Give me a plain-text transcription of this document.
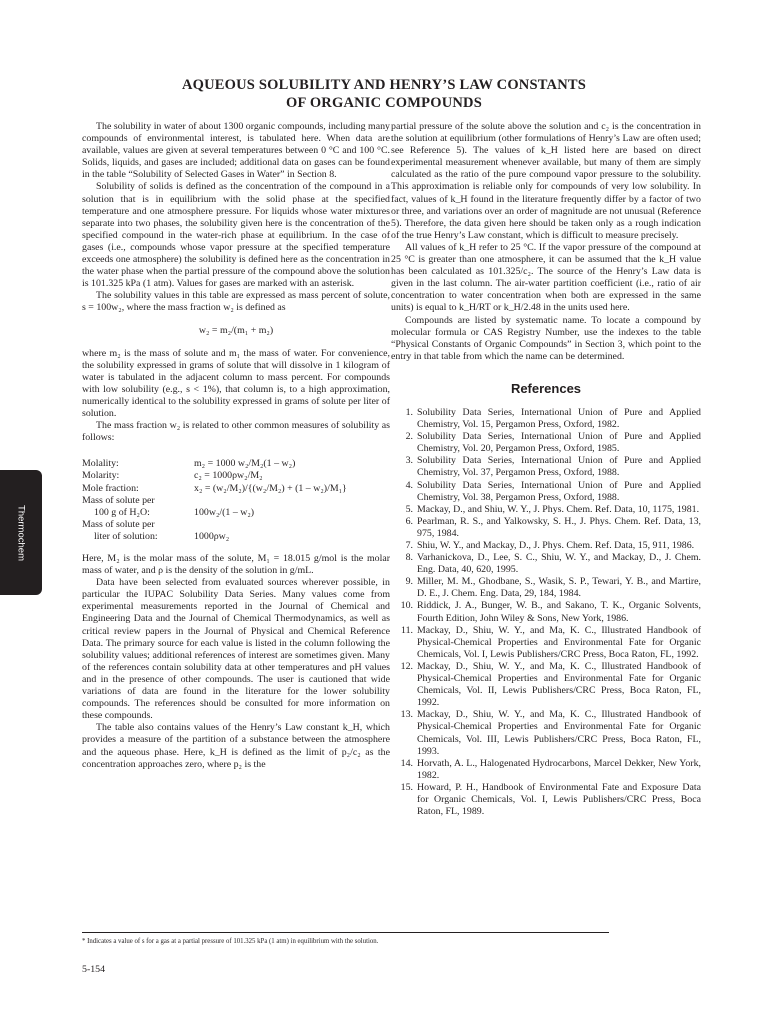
AQUEOUS SOLUBILITY AND HENRY’S LAW CONSTANTS
OF ORGANIC COMPOUNDS

The solubility in water of about 1300 organic compounds, including many compounds of environmental interest, is tabulated here. When data are available, values are given at several temperatures between 0 °C and 100 °C. Solids, liquids, and gases are included; additional data on gases can be found in the table “Solubility of Selected Gases in Water” in Section 8.

Solubility of solids is defined as the concentration of the compound in a solution that is in equilibrium with the solid phase at the specified temperature and one atmosphere pressure. For liquids whose water mixtures separate into two phases, the solubility given here is the concentration of the specified compound in the water-rich phase at equilibrium. In the case of gases (i.e., compounds whose vapor pressure at the specified temperature exceeds one atmosphere) the solubility is defined here as the concentration in the water phase when the partial pressure of the compound above the solution is 101.325 kPa (1 atm). Values for gases are marked with an asterisk.

The solubility values in this table are expressed as mass percent of solute, s = 100w₂, where the mass fraction w₂ is defined as

w₂ = m₂/(m₁ + m₂)

where m₂ is the mass of solute and m₁ the mass of water. For convenience, the solubility expressed in grams of solute that will dissolve in 1 kilogram of water is tabulated in the adjacent column to mass percent. For compounds with low solubility (e.g., s < 1%), that column is, to a high approximation, numerically identical to the solubility expressed in grams of solute per liter of solution.

The mass fraction w₂ is related to other common measures of solubility as follows:

Molality:	m₂ = 1000 w₂/M₂(1 – w₂)
Molarity:	c₂ = 1000ρw₂/M₂
Mole fraction:	x₂ = (w₂/M₂)/{(w₂/M₂) + (1 – w₂)/M₁}
Mass of solute per	
100 g of H₂O:	100w₂/(1 – w₂)
Mass of solute per	
liter of solution:	1000ρw₂

Here, M₂ is the molar mass of the solute, M₁ = 18.015 g/mol is the molar mass of water, and ρ is the density of the solution in g/mL.

Data have been selected from evaluated sources wherever possible, in particular the IUPAC Solubility Data Series. Many values come from experimental measurements reported in the Journal of Chemical and Engineering Data and the Journal of Chemical Thermodynamics, as well as critical review papers in the Journal of Physical and Chemical Reference Data. The primary source for each value is listed in the column following the solubility values; additional references of interest are sometimes given. Many of the references contain solubility data at other temperatures and pH values and in the presence of other compounds. The user is cautioned that wide variations of data are found in the literature for the lower solubility compounds. The references should be consulted for more information on these compounds.

The table also contains values of the Henry’s Law constant k_H, which provides a measure of the partition of a substance between the atmosphere and the aqueous phase. Here, k_H is defined as the limit of p₂/c₂ as the concentration approaches zero, where p₂ is the

partial pressure of the solute above the solution and c₂ is the concentration in the solution at equilibrium (other formulations of Henry’s Law are often used; see Reference 5). The values of k_H listed here are based on direct experimental measurement whenever available, but many of them are simply calculated as the ratio of the pure compound vapor pressure to the solubility. This approximation is reliable only for compounds of very low solubility. In fact, values of k_H found in the literature frequently differ by a factor of two or three, and variations over an order of magnitude are not unusual (Reference 5). Therefore, the data given here should be taken only as a rough indication of the true Henry’s Law constant, which is difficult to measure precisely.

All values of k_H refer to 25 °C. If the vapor pressure of the compound at 25 °C is greater than one atmosphere, it can be assumed that the k_H value has been calculated as 101.325/c₂. The source of the Henry’s Law data is given in the last column. The air-water partition coefficient (i.e., ratio of air concentration to water concentration when both are expressed in the same units) is equal to k_H/RT or k_H/2.48 in the units used here.

Compounds are listed by systematic name. To locate a compound by molecular formula or CAS Registry Number, use the indexes to the table “Physical Constants of Organic Compounds” in Section 3, which point to the entry in that table from which the name can be determined.

References
1. Solubility Data Series, International Union of Pure and Applied Chemistry, Vol. 15, Pergamon Press, Oxford, 1982.
2. Solubility Data Series, International Union of Pure and Applied Chemistry, Vol. 20, Pergamon Press, Oxford, 1985.
3. Solubility Data Series, International Union of Pure and Applied Chemistry, Vol. 37, Pergamon Press, Oxford, 1988.
4. Solubility Data Series, International Union of Pure and Applied Chemistry, Vol. 38, Pergamon Press, Oxford, 1988.
5. Mackay, D., and Shiu, W. Y., J. Phys. Chem. Ref. Data, 10, 1175, 1981.
6. Pearlman, R. S., and Yalkowsky, S. H., J. Phys. Chem. Ref. Data, 13, 975, 1984.
7. Shiu, W. Y., and Mackay, D., J. Phys. Chem. Ref. Data, 15, 911, 1986.
8. Varhanickova, D., Lee, S. C., Shiu, W. Y., and Mackay, D., J. Chem. Eng. Data, 40, 620, 1995.
9. Miller, M. M., Ghodbane, S., Wasik, S. P., Tewari, Y. B., and Martire, D. E., J. Chem. Eng. Data, 29, 184, 1984.
10. Riddick, J. A., Bunger, W. B., and Sakano, T. K., Organic Solvents, Fourth Edition, John Wiley & Sons, New York, 1986.
11. Mackay, D., Shiu, W. Y., and Ma, K. C., Illustrated Handbook of Physical-Chemical Properties and Environmental Fate for Organic Chemicals, Vol. I, Lewis Publishers/CRC Press, Boca Raton, FL, 1992.
12. Mackay, D., Shiu, W. Y., and Ma, K. C., Illustrated Handbook of Physical-Chemical Properties and Environmental Fate for Organic Chemicals, Vol. II, Lewis Publishers/CRC Press, Boca Raton, FL, 1992.
13. Mackay, D., Shiu, W. Y., and Ma, K. C., Illustrated Handbook of Physical-Chemical Properties and Environmental Fate for Organic Chemicals, Vol. III, Lewis Publishers/CRC Press, Boca Raton, FL, 1993.
14. Horvath, A. L., Halogenated Hydrocarbons, Marcel Dekker, New York, 1982.
15. Howard, P. H., Handbook of Environmental Fate and Exposure Data for Organic Chemicals, Vol. I, Lewis Publishers/CRC Press, Boca Raton, FL, 1989.
Thermochem
* Indicates a value of s for a gas at a partial pressure of 101.325 kPa (1 atm) in equilibrium with the solution.
5-154
